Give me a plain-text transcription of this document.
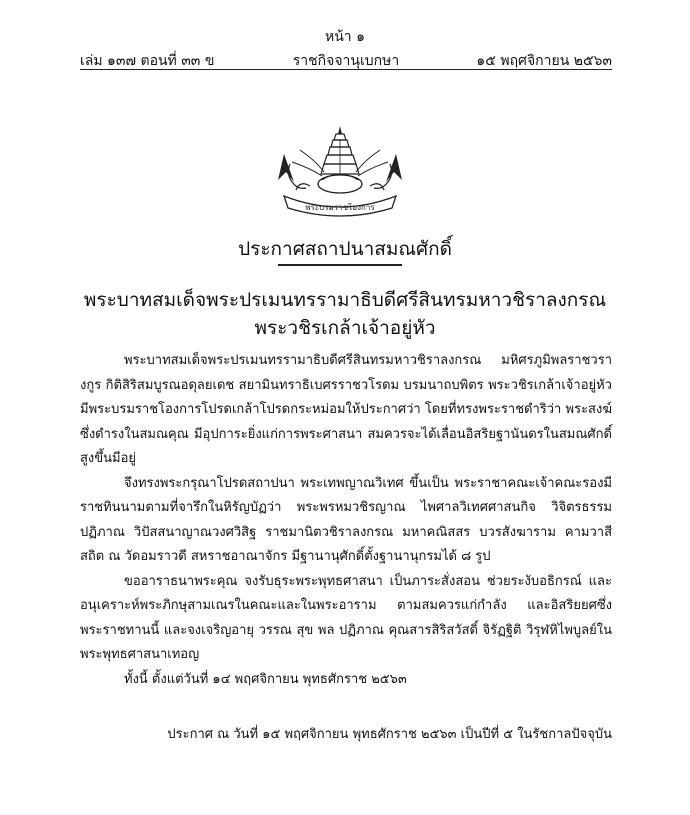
หน้า ๑
เล่ม ๑๓๗ ตอนที่ ๓๓ ข	ราชกิจจานุเบกษา	๑๕ พฤศจิกายน ๒๕๖๓
พระบรมราชโองการ
ประกาศสถาปนาสมณศักดิ์
พระบาทสมเด็จพระปรเมนทรรามาธิบดีศรีสินทรมหาวชิราลงกรณ
พระวชิรเกล้าเจ้าอยู่หัว

พระบาทสมเด็จพระปรเมนทรรามาธิบดีศรีสินทรมหาวชิราลงกรณ มหิศรภูมิพลราชวรางกูร กิติสิริสมบูรณอดุลยเดช สยามินทราธิเบศรราชวโรดม บรมนาถบพิตร พระวชิรเกล้าเจ้าอยู่หัว มีพระบรมราชโองการโปรดเกล้าโปรดกระหม่อมให้ประกาศว่า โดยที่ทรงพระราชดำริว่า พระสงฆ์ซึ่งดำรงในสมณคุณ มีอุปการะยิ่งแก่การพระศาสนา สมควรจะได้เลื่อนอิสริยฐานันดรในสมณศักดิ์สูงขึ้นมีอยู่

จึงทรงพระกรุณาโปรดสถาปนา พระเทพญาณวิเทศ ขึ้นเป็น พระราชาคณะเจ้าคณะรองมีราชทินนามตามที่จารึกในหิรัญบัฏว่า พระพรหมวชิรญาณ ไพศาลวิเทศศาสนกิจ วิจิตรธรรมปฏิภาณ วิปัสสนาญาณวงศวิสิฐ ราชมานิตวชิราลงกรณ มหาคณิสสร บวรสังฆาราม คามวาสี สถิต ณ วัดอมราวดี สหราชอาณาจักร มีฐานานุศักดิ์ตั้งฐานานุกรมได้ ๘ รูป

ขออาราธนาพระคุณ จงรับธุระพระพุทธศาสนา เป็นภาระสั่งสอน ช่วยระงับอธิกรณ์ และอนุเคราะห์พระภิกษุสามเณรในคณะและในพระอาราม ตามสมควรแก่กำลัง และอิสริยยศซึ่งพระราชทานนี้ และจงเจริญอายุ วรรณ สุข พล ปฏิภาณ คุณสารสิริสวัสดิ์ จิรัฏฐิติ วิรุฬหิไพบูลย์ในพระพุทธศาสนาเทอญ

ทั้งนี้ ตั้งแต่วันที่ ๑๔ พฤศจิกายน พุทธศักราช ๒๕๖๓

ประกาศ ณ วันที่ ๑๕ พฤศจิกายน พุทธศักราช ๒๕๖๓ เป็นปีที่ ๕ ในรัชกาลปัจจุบัน
